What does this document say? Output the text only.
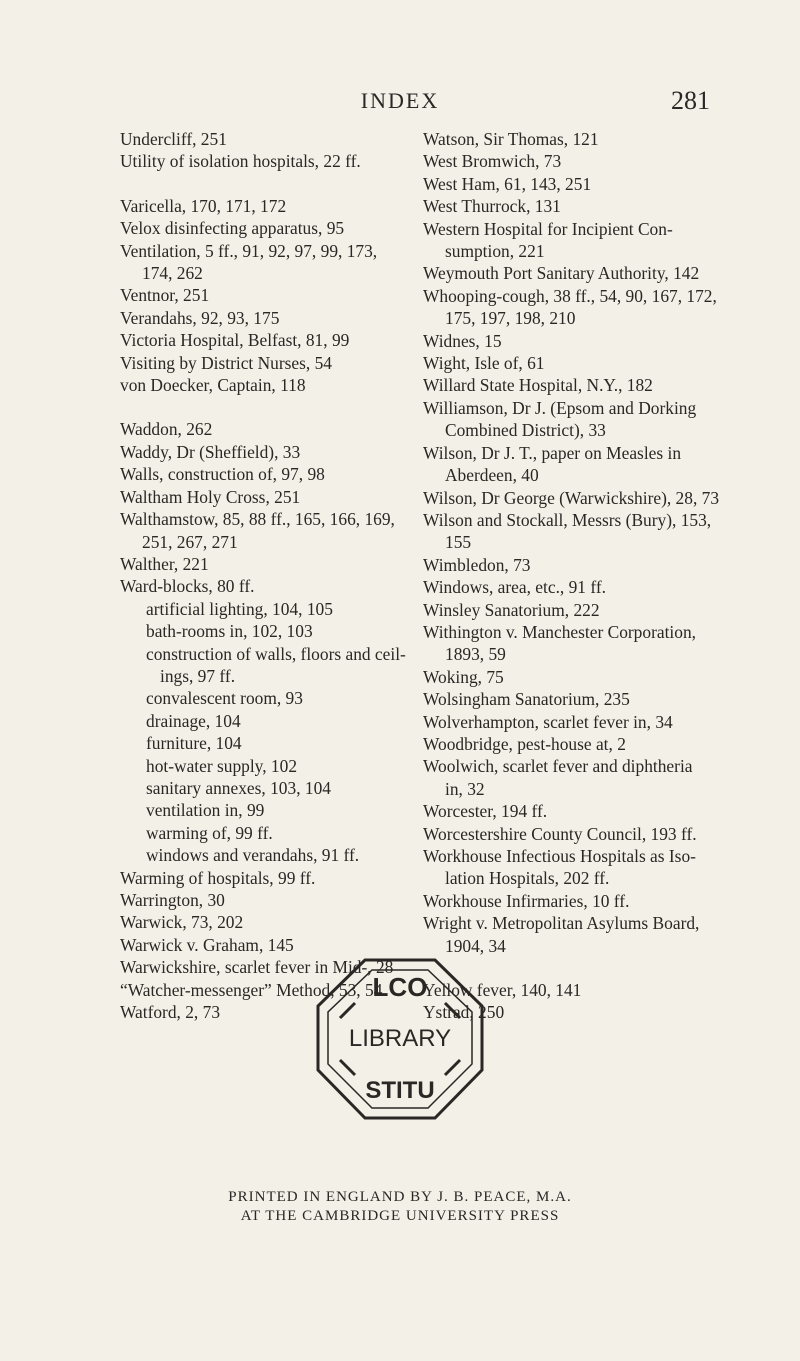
INDEX	281
Undercliff, 251
Utility of isolation hospitals, 22 ff.
Varicella, 170, 171, 172
Velox disinfecting apparatus, 95
Ventilation, 5 ff., 91, 92, 97, 99, 173,
174, 262
Ventnor, 251
Verandahs, 92, 93, 175
Victoria Hospital, Belfast, 81, 99
Visiting by District Nurses, 54
von Doecker, Captain, 118
Waddon, 262
Waddy, Dr (Sheffield), 33
Walls, construction of, 97, 98
Waltham Holy Cross, 251
Walthamstow, 85, 88 ff., 165, 166, 169,
251, 267, 271
Walther, 221
Ward-blocks, 80 ff.
artificial lighting, 104, 105
bath-rooms in, 102, 103
construction of walls, floors and ceil-
ings, 97 ff.
convalescent room, 93
drainage, 104
furniture, 104
hot-water supply, 102
sanitary annexes, 103, 104
ventilation in, 99
warming of, 99 ff.
windows and verandahs, 91 ff.
Warming of hospitals, 99 ff.
Warrington, 30
Warwick, 73, 202
Warwick v. Graham, 145
Warwickshire, scarlet fever in Mid-, 28
“Watcher-messenger” Method, 53, 54
Watford, 2, 73
Watson, Sir Thomas, 121
West Bromwich, 73
West Ham, 61, 143, 251
West Thurrock, 131
Western Hospital for Incipient Con-
sumption, 221
Weymouth Port Sanitary Authority, 142
Whooping-cough, 38 ff., 54, 90, 167, 172,
175, 197, 198, 210
Widnes, 15
Wight, Isle of, 61
Willard State Hospital, N.Y., 182
Williamson, Dr J. (Epsom and Dorking
Combined District), 33
Wilson, Dr J. T., paper on Measles in
Aberdeen, 40
Wilson, Dr George (Warwickshire), 28, 73
Wilson and Stockall, Messrs (Bury), 153,
155
Wimbledon, 73
Windows, area, etc., 91 ff.
Winsley Sanatorium, 222
Withington v. Manchester Corporation,
1893, 59
Woking, 75
Wolsingham Sanatorium, 235
Wolverhampton, scarlet fever in, 34
Woodbridge, pest-house at, 2
Woolwich, scarlet fever and diphtheria
in, 32
Worcester, 194 ff.
Worcestershire County Council, 193 ff.
Workhouse Infectious Hospitals as Iso-
lation Hospitals, 202 ff.
Workhouse Infirmaries, 10 ff.
Wright v. Metropolitan Asylums Board,
1904, 34
Yellow fever, 140, 141
Ystrad, 250
LCO
LIBRARY
STITU
PRINTED IN ENGLAND BY J. B. PEACE, M.A.
AT THE CAMBRIDGE UNIVERSITY PRESS
